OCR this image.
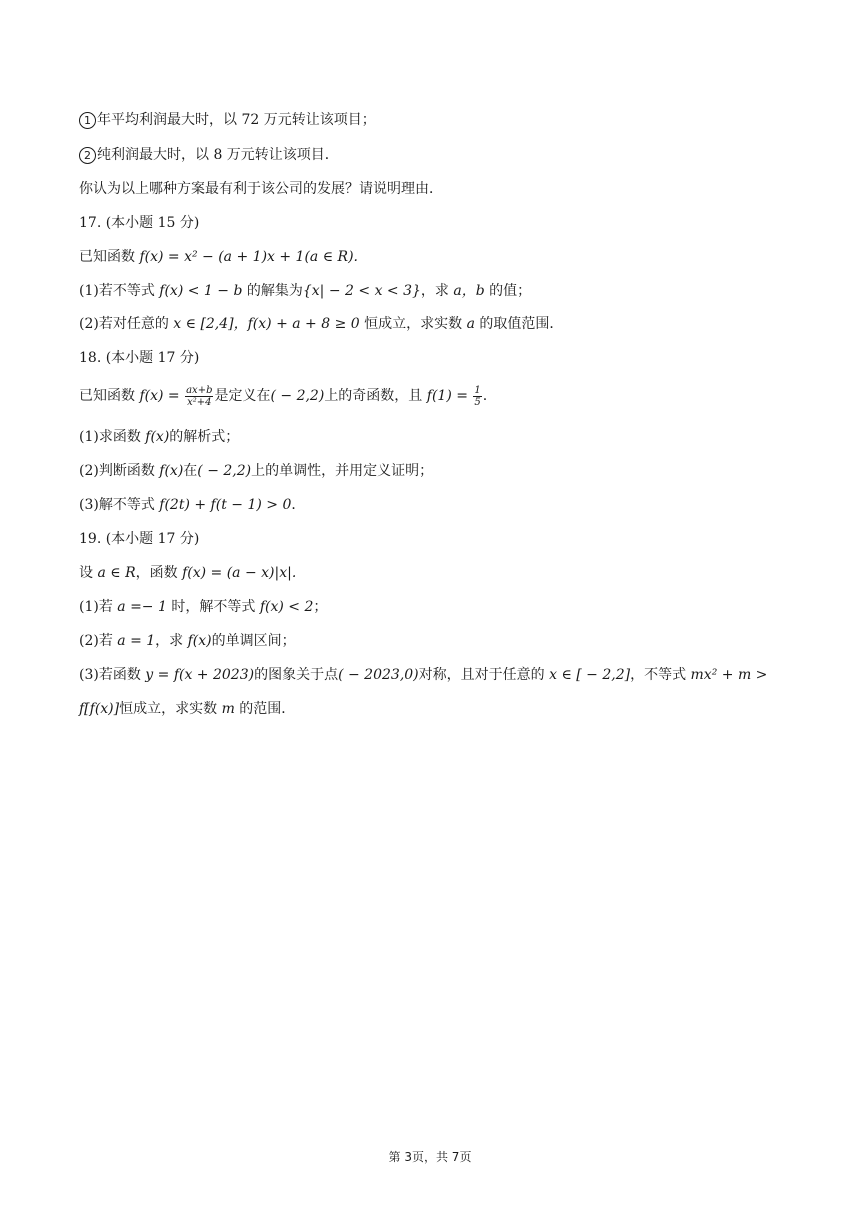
1 年平均利润最大时，以 72 万元转让该项目；
2 纯利润最大时，以 8 万元转让该项目．
你认为以上哪种方案最有利于该公司的发展？请说明理由．
17. (本小题 15 分)
已知函数 f(x) = x² − (a + 1)x + 1(a ∈ R).
(1)若不等式 f(x) < 1 − b 的解集为{x| − 2 < x < 3}，求 a，b 的值；
(2)若对任意的 x ∈ [2,4]，f(x) + a + 8 ≥ 0 恒成立，求实数 a 的取值范围．
18. (本小题 17 分)
已知函数 $f(x) = \frac{ax+b}{\text{x²+4}}$ 是定义在( − 2,2)上的奇函数，且 $f(1) = \frac{1}{5}$ .
(1)求函数 f(x)的解析式；
(2)判断函数 f(x)在( − 2,2)上的单调性，并用定义证明；
(3)解不等式 f(2t) + f(t − 1) > 0．
19. (本小题 17 分)
设 a ∈ R，函数 f(x) = (a − x)|x|.
(1)若 a =− 1 时，解不等式 f(x) < 2；
(2)若 a = 1，求 f(x)的单调区间；
(3)若函数 y = f(x + 2023)的图象关于点( − 2023,0)对称，且对于任意的 x ∈ [ − 2,2]，不等式 mx² + m >
f[f(x)]恒成立，求实数 m 的范围．
第 3页，共 7页
